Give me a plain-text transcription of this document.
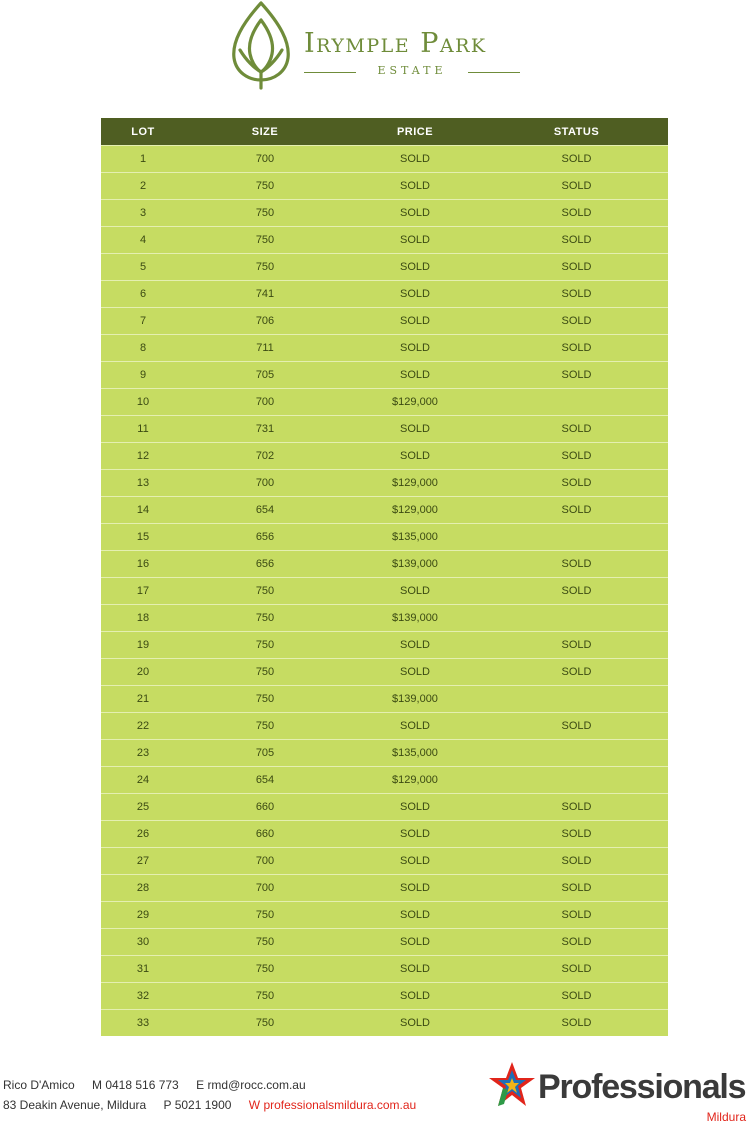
Irymple Park
ESTATE
LOT	SIZE	PRICE	STATUS
1	700	SOLD	SOLD
2	750	SOLD	SOLD
3	750	SOLD	SOLD
4	750	SOLD	SOLD
5	750	SOLD	SOLD
6	741	SOLD	SOLD
7	706	SOLD	SOLD
8	711	SOLD	SOLD
9	705	SOLD	SOLD
10	700	$129,000	
11	731	SOLD	SOLD
12	702	SOLD	SOLD
13	700	$129,000	SOLD
14	654	$129,000	SOLD
15	656	$135,000	
16	656	$139,000	SOLD
17	750	SOLD	SOLD
18	750	$139,000	
19	750	SOLD	SOLD
20	750	SOLD	SOLD
21	750	$139,000	
22	750	SOLD	SOLD
23	705	$135,000	
24	654	$129,000	
25	660	SOLD	SOLD
26	660	SOLD	SOLD
27	700	SOLD	SOLD
28	700	SOLD	SOLD
29	750	SOLD	SOLD
30	750	SOLD	SOLD
31	750	SOLD	SOLD
32	750	SOLD	SOLD
33	750	SOLD	SOLD
Rico D'Amico M 0418 516 773 E rmd@rocc.com.au
83 Deakin Avenue, Mildura P 5021 1900 W professionalsmildura.com.au	Professionals
Mildura
